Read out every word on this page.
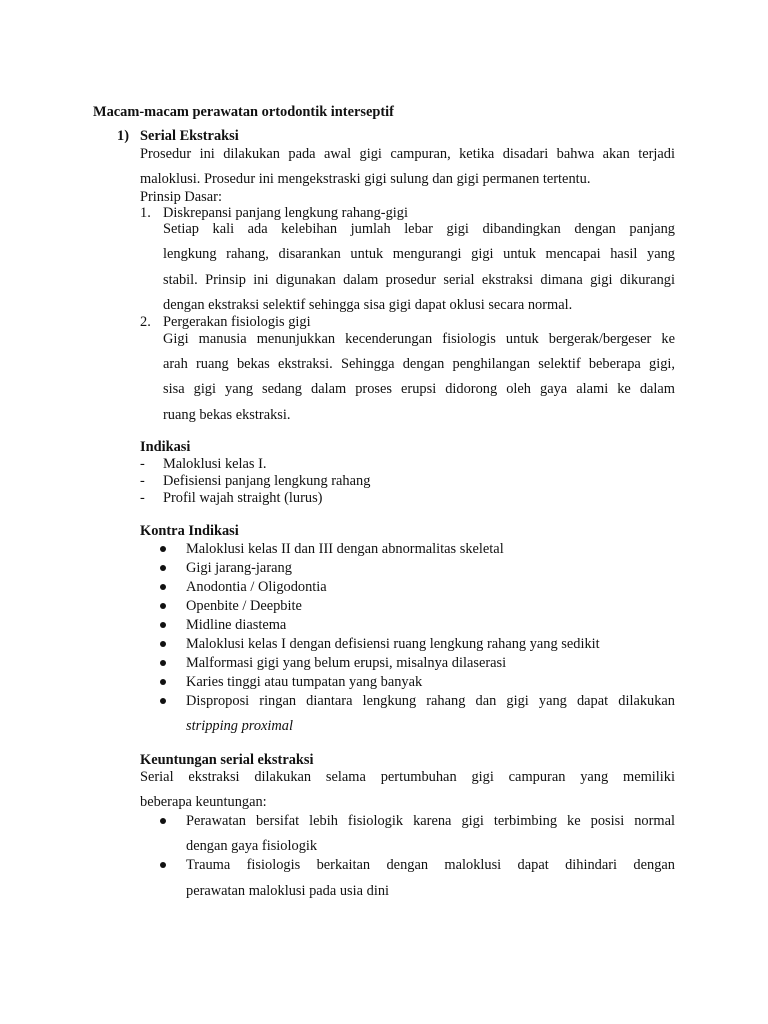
Macam-macam perawatan ortodontik interseptif
1) Serial Ekstraksi
Prosedur ini dilakukan pada awal gigi campuran, ketika disadari bahwa akan terjadi
maloklusi. Prosedur ini mengekstraski gigi sulung dan gigi permanen tertentu.
Prinsip Dasar:
1. Diskrepansi panjang lengkung rahang-gigi
Setiap kali ada kelebihan jumlah lebar gigi dibandingkan dengan panjang
lengkung rahang, disarankan untuk mengurangi gigi untuk mencapai hasil yang
stabil. Prinsip ini digunakan dalam prosedur serial ekstraksi dimana gigi dikurangi
dengan ekstraksi selektif sehingga sisa gigi dapat oklusi secara normal.
2. Pergerakan fisiologis gigi
Gigi manusia menunjukkan kecenderungan fisiologis untuk bergerak/bergeser ke
arah ruang bekas ekstraksi. Sehingga dengan penghilangan selektif beberapa gigi,
sisa gigi yang sedang dalam proses erupsi didorong oleh gaya alami ke dalam
ruang bekas ekstraksi.
Indikasi
- Maloklusi kelas I.
- Defisiensi panjang lengkung rahang
- Profil wajah straight (lurus)
Kontra Indikasi
Maloklusi kelas II dan III dengan abnormalitas skeletal
Gigi jarang-jarang
Anodontia / Oligodontia
Openbite / Deepbite
Midline diastema
Maloklusi kelas I dengan defisiensi ruang lengkung rahang yang sedikit
Malformasi gigi yang belum erupsi, misalnya dilaserasi
Karies tinggi atau tumpatan yang banyak
Disproposi ringan diantara lengkung rahang dan gigi yang dapat dilakukan
stripping proximal
Keuntungan serial ekstraksi
Serial ekstraksi dilakukan selama pertumbuhan gigi campuran yang memiliki
beberapa keuntungan:
Perawatan bersifat lebih fisiologik karena gigi terbimbing ke posisi normal
dengan gaya fisiologik
Trauma fisiologis berkaitan dengan maloklusi dapat dihindari dengan
perawatan maloklusi pada usia dini
